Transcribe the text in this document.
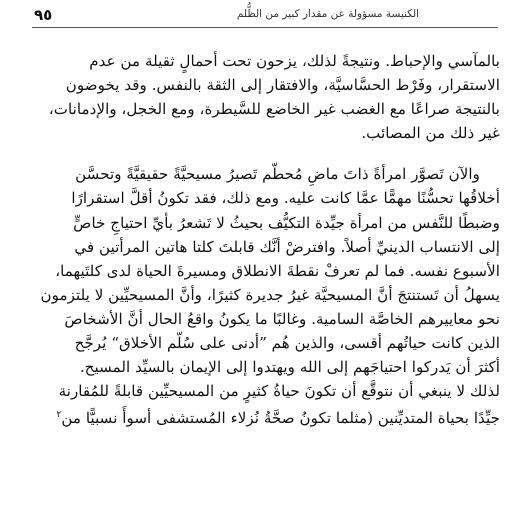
٩٥	الكنيسة مسؤولة عن مقدار كبير من الظُّلم
بالمآسي والإحباط. ونتيجةً لذلك، يزحون تحت أحمالٍ ثقيلة من عدم
الاستقرار، وفَرْط الحسَّاسيَّة، والافتقار إلى الثقة بالنفس. وقد يخوضون
بالنتيجة صراعًا مع الغضب غير الخاضع للسَّيطرة، ومع الخجل، والإدمانات،
غير ذلك من المصائب.
والآن تَصوَّر امرأةً ذاتَ ماضٍ مُحطَّم تَصيرُ مسيحيَّةً حقيقيَّةً وتحسَّن
أخلاقُها تحسُّنًا مهمًّا عمَّا كانت عليه. ومع ذلك، فقد تكونُ أقلَّ استقرارًا
وضبطًا للنَّفس من امرأة جيِّدة التكيُّف بحيثُ لا تَشعرُ بأيِّ احتياجٍ خاصٍّ
إلى الانتساب الدينيِّ أصلاً. وافترضْ أنَّك قابلتَ كلتا هاتين المرأتين في
الأسبوع نفسه. فما لم تعرفْ نقطةَ الانطلاق ومسيرةَ الحياة لدى كلتَيهما،
يسهلُ أن تَستنتجَ أنَّ المسيحيَّة غيرُ جديرة كثيرًا، وأنَّ المسيحيِّين لا يلتزمون
نحو معاييرهم الخاصَّة السامية. وغالبًا ما يكونُ واقعُ الحال أنَّ الأشخاصَ
الذين كانت حياتُهم أقسى، والذين هُم ”أدنى على سُلَّم الأخلاق“ يُرجَّح
أكثرَ أن يَدركوا احتياجَهم إلى الله ويهتدوا إلى الإيمان بالسيِّد المسيح.
لذلك لا ينبغي أن نتوقَّع أن تكونَ حياةُ كثيرٍ من المسيحيِّين قابلةً للمُقارنة
جيِّدًا بحياة المتديِّنين (مثلما تكونُ صحَّةُ نُزلاء المُستشفى أسوأَ نسبيًّا من$^٢$
